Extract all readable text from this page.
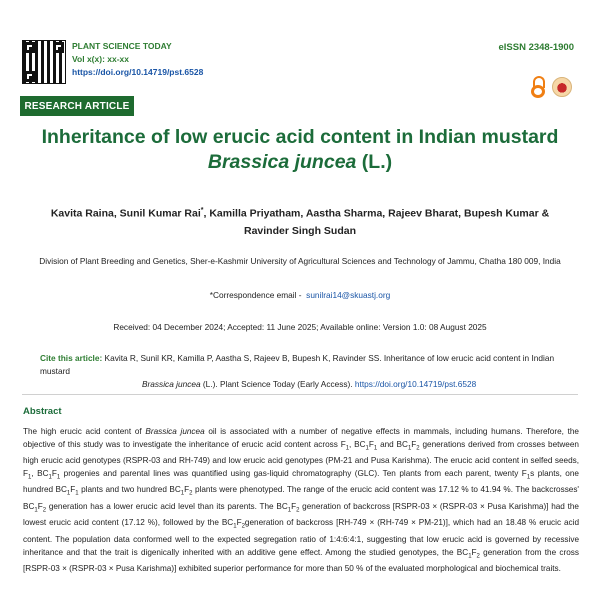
PLANT SCIENCE TODAY
Vol x(x): xx-xx
https://doi.org/10.14719/pst.6528
eISSN 2348-1900
RESEARCH ARTICLE
Inheritance of low erucic acid content in Indian mustard
Brassica juncea (L.)
Kavita Raina, Sunil Kumar Rai*, Kamilla Priyatham, Aastha Sharma, Rajeev Bharat, Bupesh Kumar &
Ravinder Singh Sudan
Division of Plant Breeding and Genetics, Sher-e-Kashmir University of Agricultural Sciences and Technology of Jammu, Chatha 180 009, India
*Correspondence email - sunilrai14@skuastj.org
Received: 04 December 2024; Accepted: 11 June 2025; Available online: Version 1.0: 08 August 2025
Cite this article: Kavita R, Sunil KR, Kamilla P, Aastha S, Rajeev B, Bupesh K, Ravinder SS. Inheritance of low erucic acid content in Indian mustard
Brassica juncea (L.). Plant Science Today (Early Access). https://doi.org/10.14719/pst.6528
Abstract
The high erucic acid content of Brassica juncea oil is associated with a number of negative effects in mammals, including humans. Therefore, the objective of this study was to investigate the inheritance of erucic acid content across $F_1$, $BC_1F_1$ and $BC_1F_2$ generations derived from crosses between high erucic acid genotypes (RSPR-03 and RH-749) and low erucic acid genotypes (PM-21 and Pusa Karishma). The erucic acid content in selfed seeds, $F_1$, $BC_1F_1$ progenies and parental lines was quantified using gas-liquid chromatography (GLC). Ten plants from each parent, twenty $F_1s$ plants, one hundred $BC_1F_1$ plants and two hundred $BC_1F_2$ plants were phenotyped. The range of the erucic acid content was 17.12 % to 41.94 %. The backcrosses' $BC_1F_2$ generation has a lower erucic acid level than its parents. The $BC_1F_2$ generation of backcross [RSPR-03 × (RSPR-03 × Pusa Karishma)] had the lowest erucic acid content (17.12 %), followed by the $BC_1F_2generation$ of backcross [RH-749 × (RH-749 × PM-21)], which had an 18.48 % erucic acid content. The population data conformed well to the expected segregation ratio of 1:4:6:4:1, suggesting that low erucic acid is governed by recessive inheritance and that the trait is digenically inherited with an additive gene effect. Among the studied genotypes, the $BC_1F_2$ generation from the cross [RSPR-03 × (RSPR-03 × Pusa Karishma)] exhibited superior performance for more than 50 % of the evaluated morphological and biochemical traits.
